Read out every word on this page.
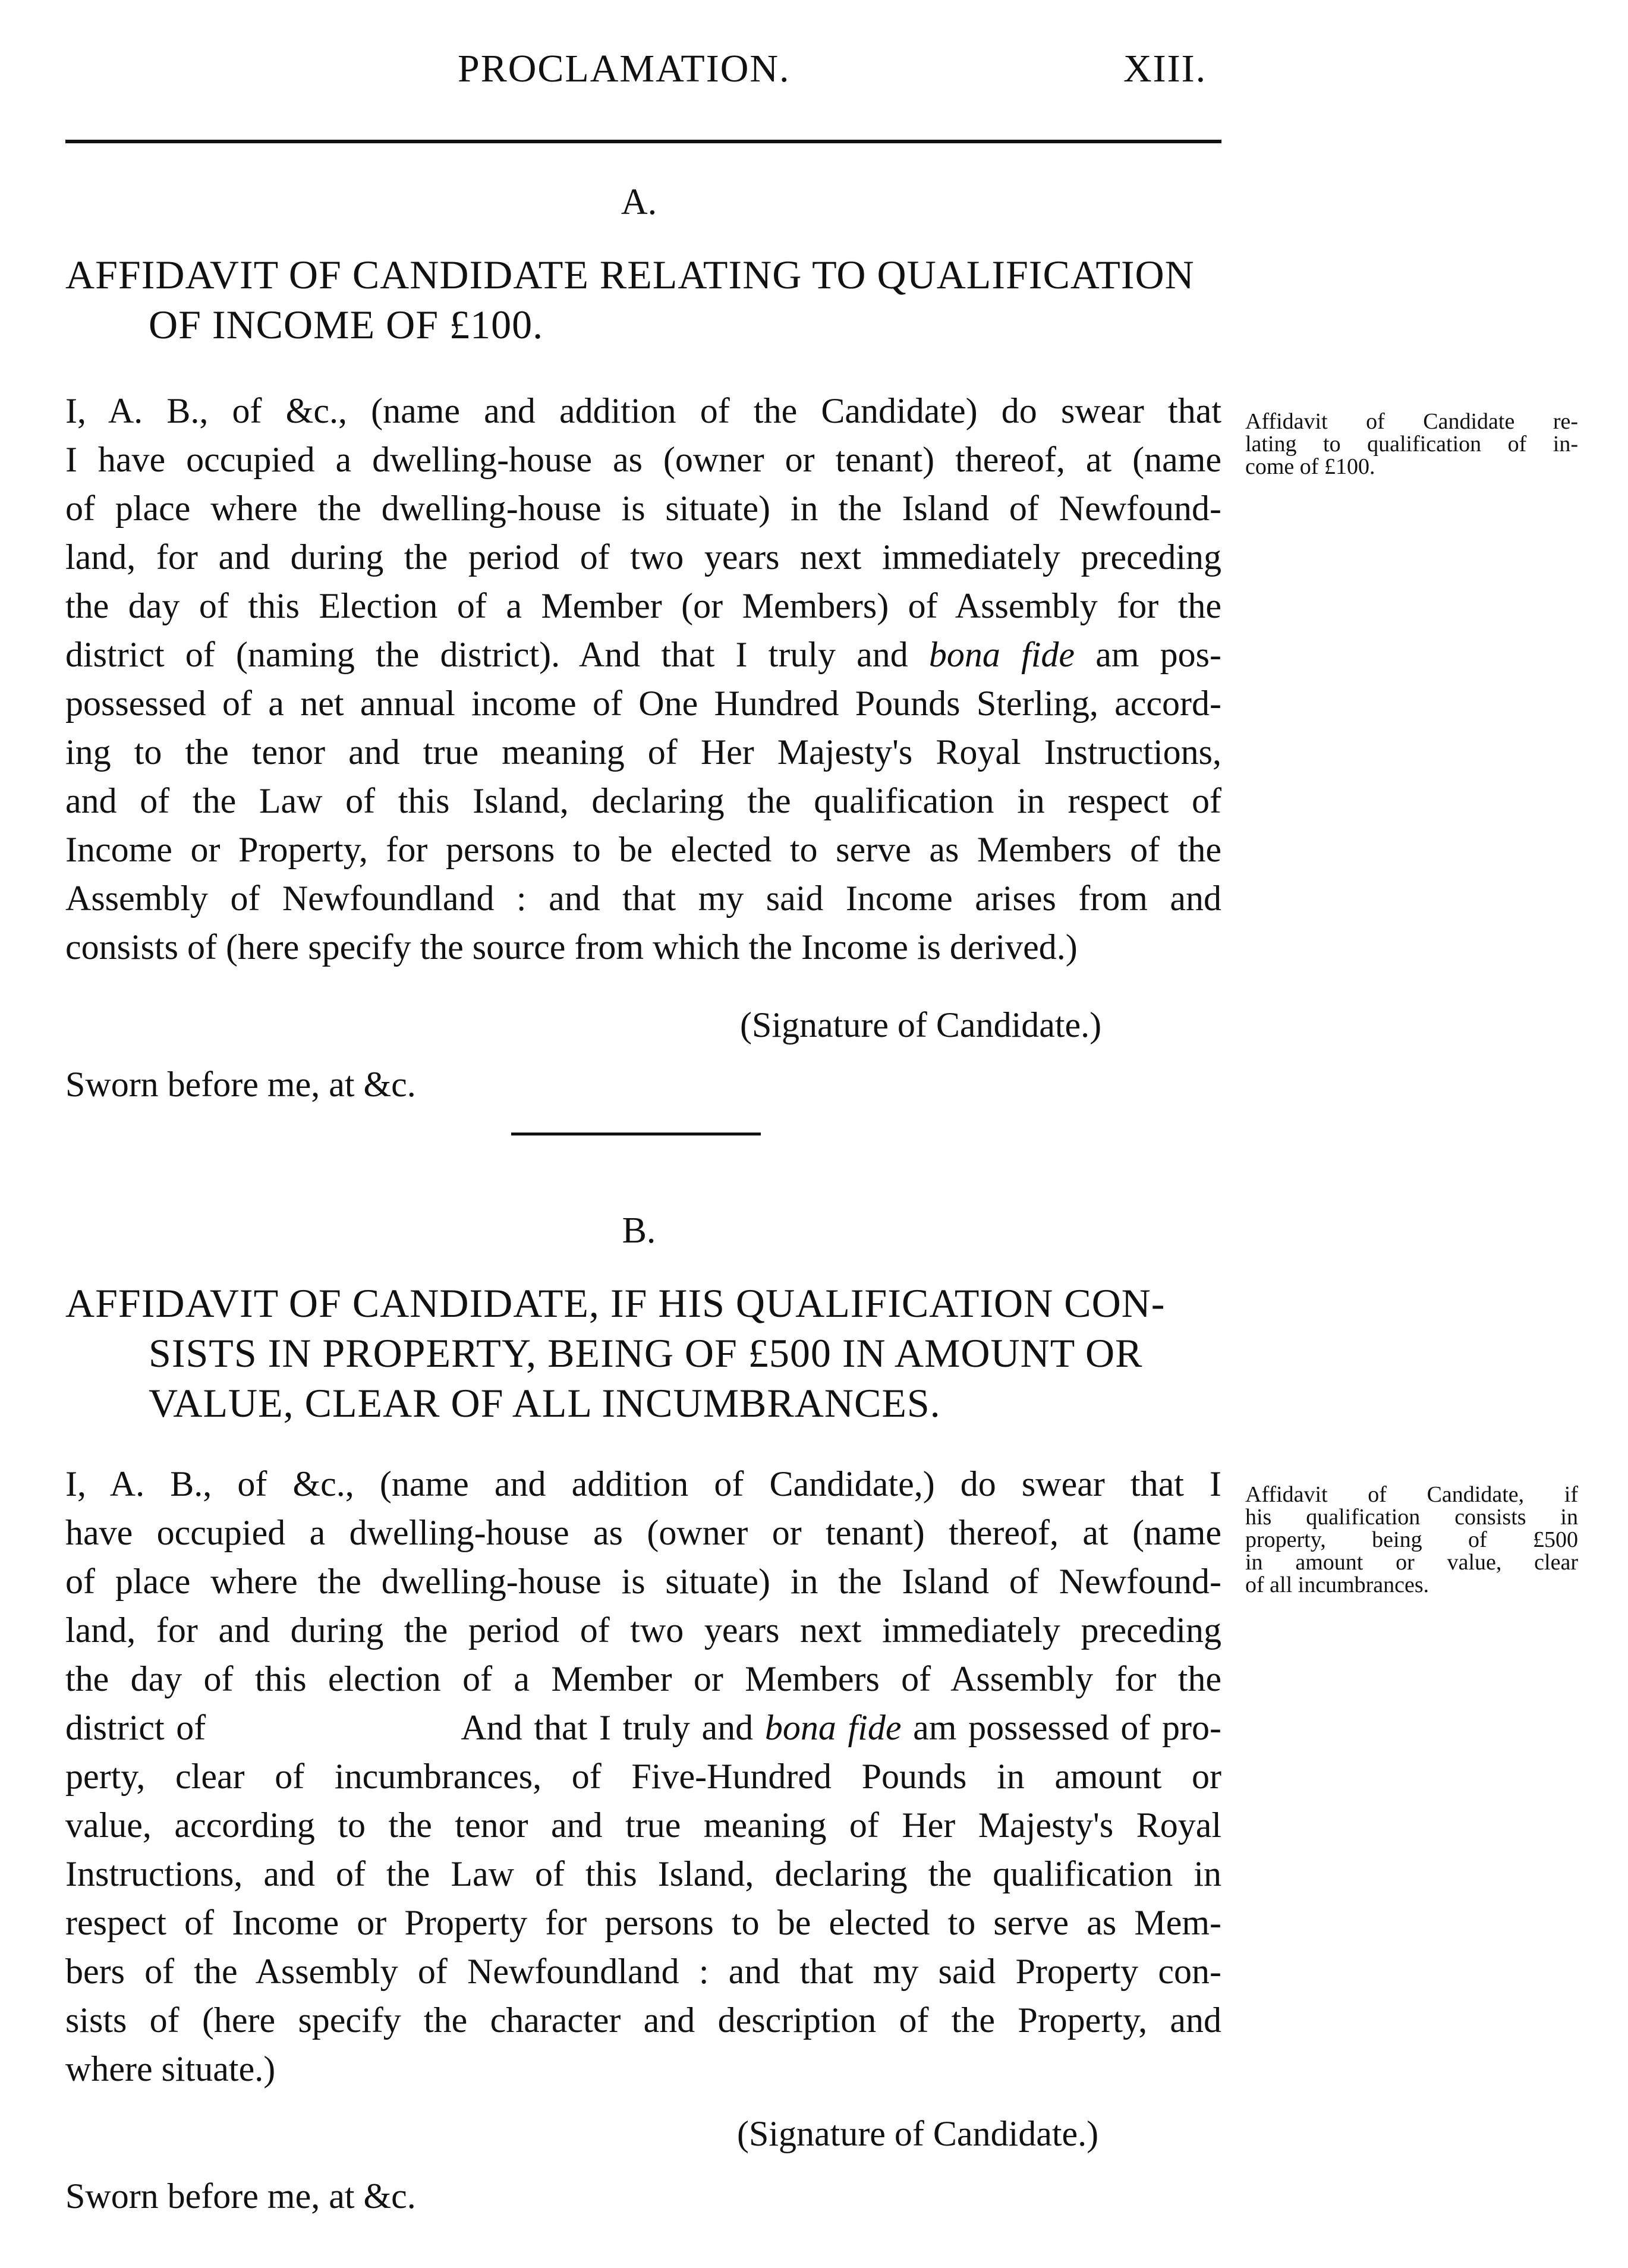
PROCLAMATION.	XIII.
A.
AFFIDAVIT OF CANDIDATE RELATING TO QUALIFICATION
OF INCOME OF £100.
I, A. B., of &c., (name and addition of the Candidate) do swear that
I have occupied a dwelling-house as (owner or tenant) thereof, at (name
of place where the dwelling-house is situate) in the Island of Newfound-
land, for and during the period of two years next immediately preceding
the day of this Election of a Member (or Members) of Assembly for the
district of (naming the district). And that I truly and bona fide am pos-
possessed of a net annual income of One Hundred Pounds Sterling, accord-
ing to the tenor and true meaning of Her Majesty's Royal Instructions,
and of the Law of this Island, declaring the qualification in respect of
Income or Property, for persons to be elected to serve as Members of the
Assembly of Newfoundland : and that my said Income arises from and
consists of (here specify the source from which the Income is derived.)
Affidavit of Candidate re-
lating to qualification of in-
come of £100.
(Signature of Candidate.)
Sworn before me, at &c.
B.
AFFIDAVIT OF CANDIDATE, IF HIS QUALIFICATION CON-
SISTS IN PROPERTY, BEING OF £500 IN AMOUNT OR
VALUE, CLEAR OF ALL INCUMBRANCES.
I, A. B., of &c., (name and addition of Candidate,) do swear that I
have occupied a dwelling-house as (owner or tenant) thereof, at (name
of place where the dwelling-house is situate) in the Island of Newfound-
land, for and during the period of two years next immediately preceding
the day of this election of a Member or Members of Assembly for the
district of                      And that I truly and bona fide am possessed of pro-
perty, clear of incumbrances, of Five-Hundred Pounds in amount or
value, according to the tenor and true meaning of Her Majesty's Royal
Instructions, and of the Law of this Island, declaring the qualification in
respect of Income or Property for persons to be elected to serve as Mem-
bers of the Assembly of Newfoundland : and that my said Property con-
sists of (here specify the character and description of the Property, and
where situate.)
Affidavit of Candidate, if
his qualification consists in
property, being of £500
in amount or value, clear
of all incumbrances.
(Signature of Candidate.)
Sworn before me, at &c.
